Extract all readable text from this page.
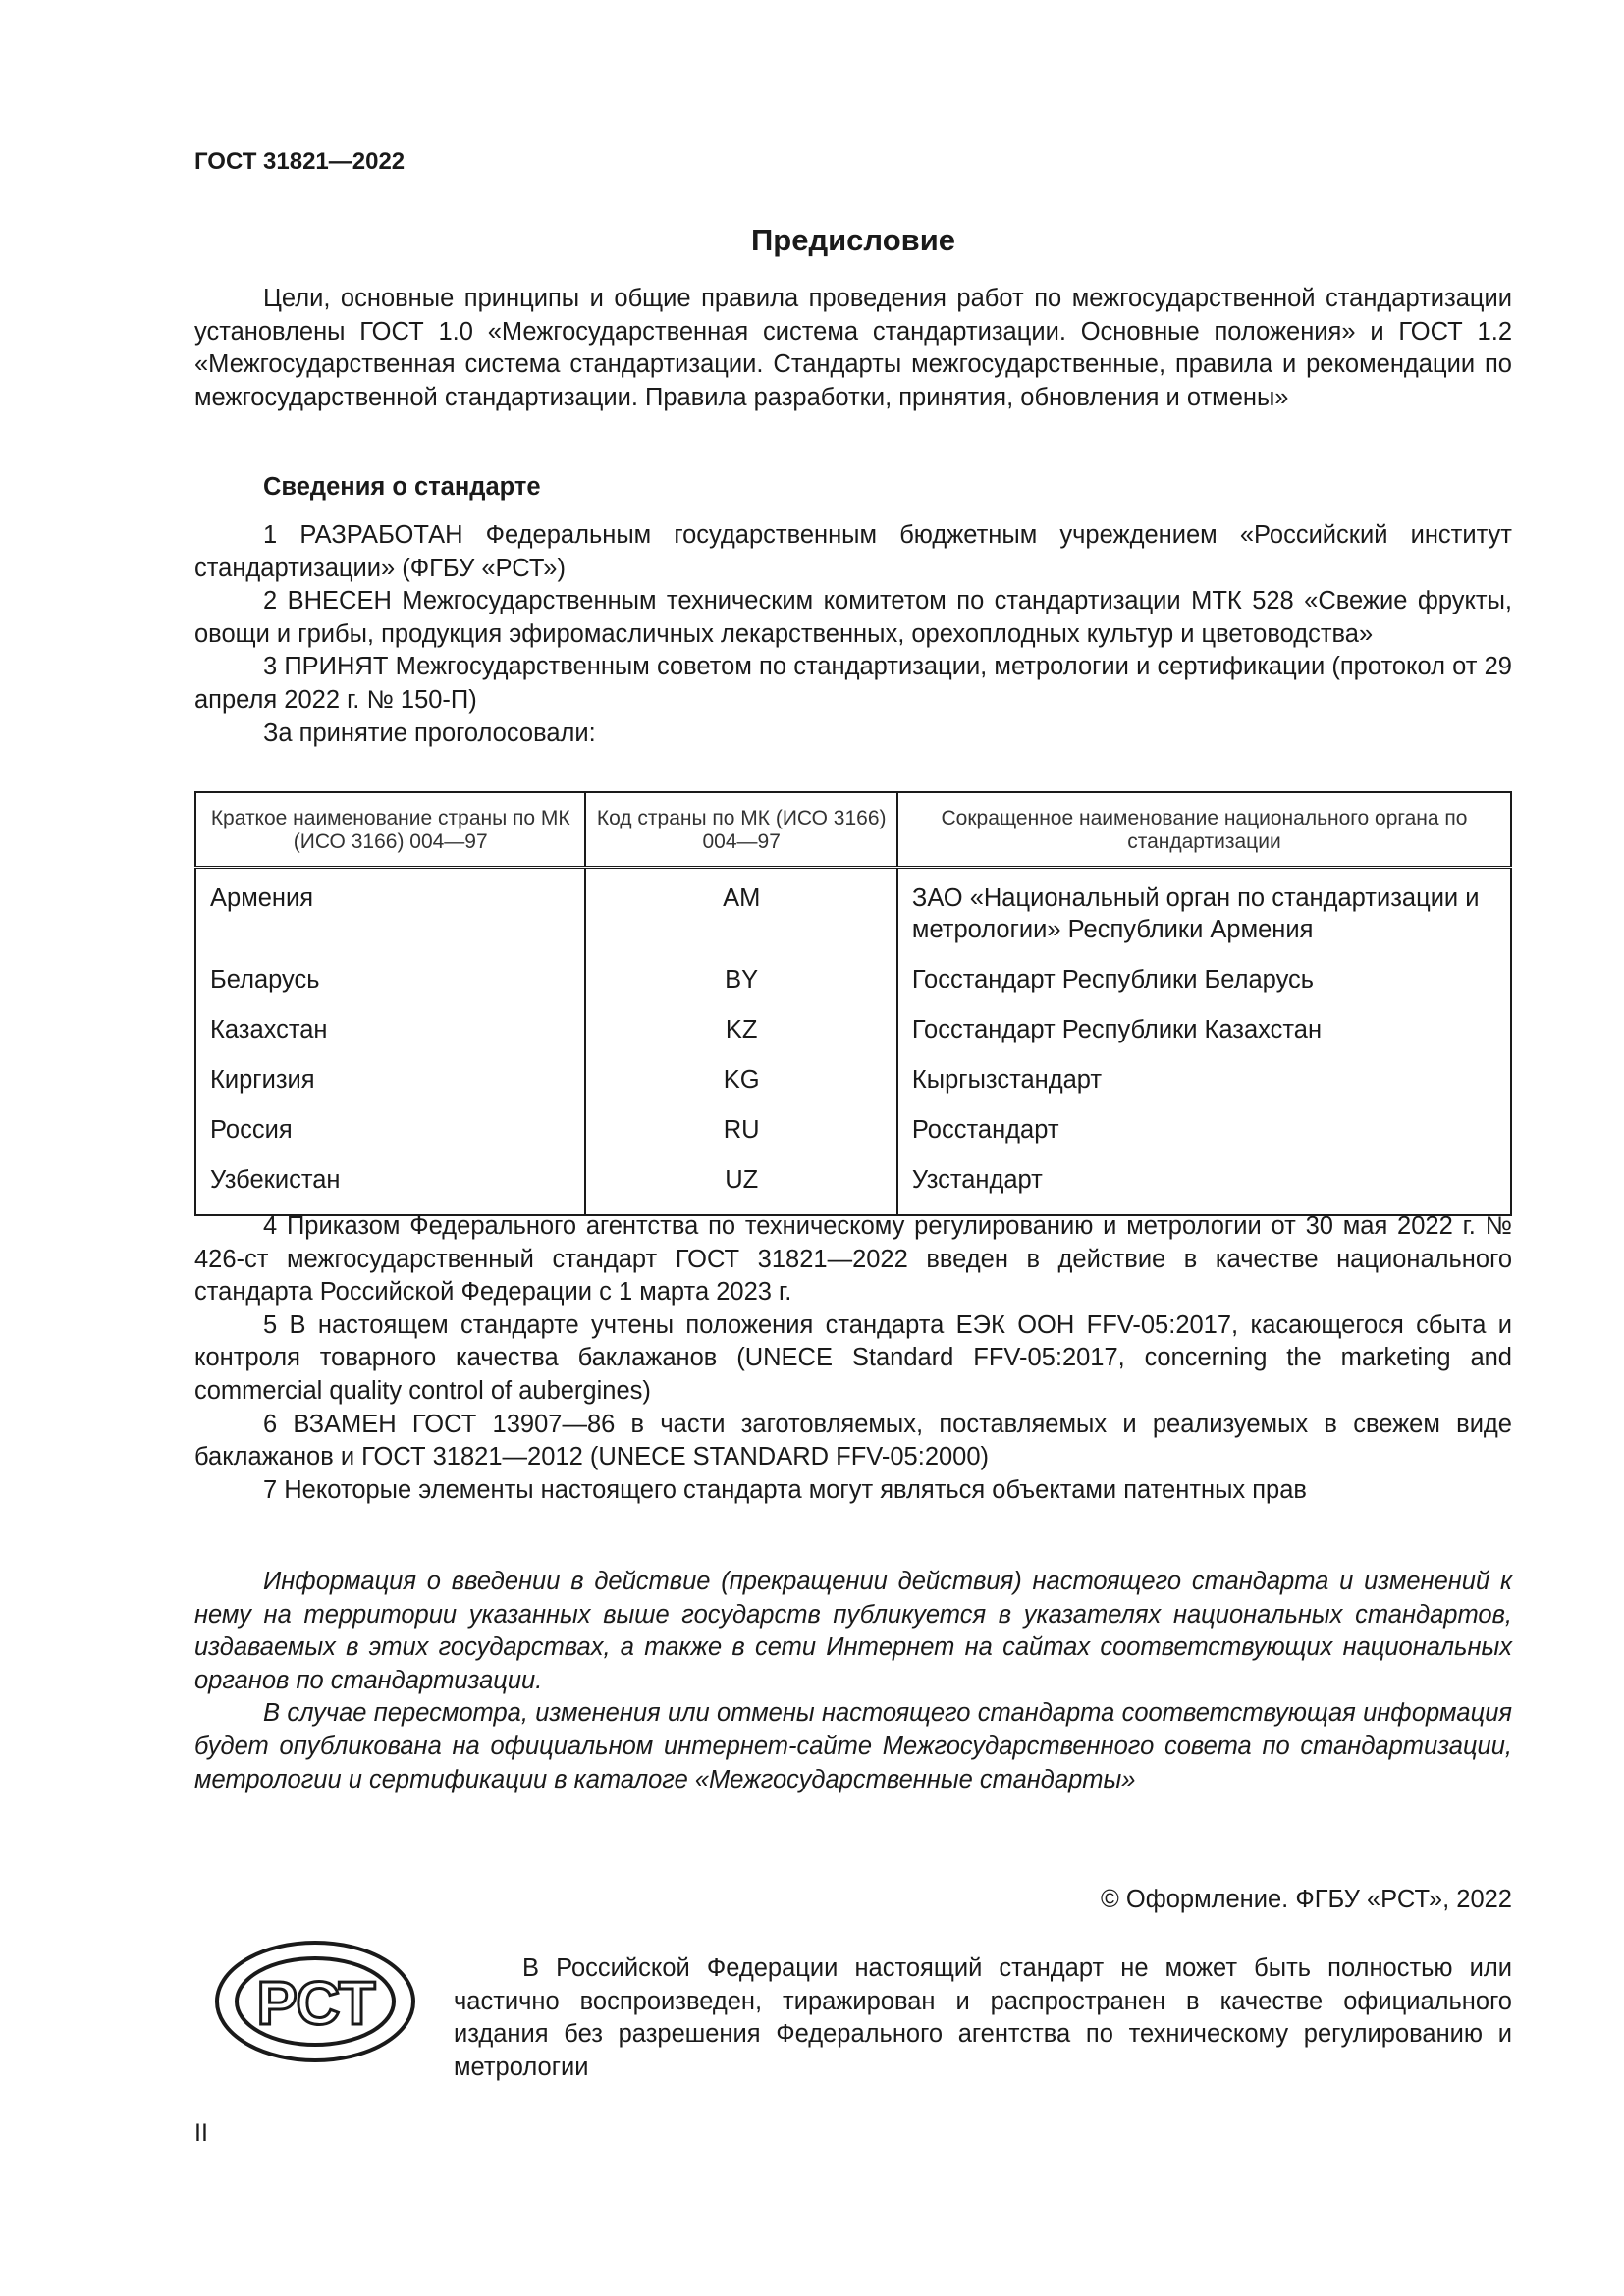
ГОСТ 31821—2022
Предисловие

Цели, основные принципы и общие правила проведения работ по межгосударственной стандартизации установлены ГОСТ 1.0 «Межгосударственная система стандартизации. Основные положения» и ГОСТ 1.2 «Межгосударственная система стандартизации. Стандарты межгосударственные, правила и рекомендации по межгосударственной стандартизации. Правила разработки, принятия, обновления и отмены»

Сведения о стандарте

1 РАЗРАБОТАН Федеральным государственным бюджетным учреждением «Российский институт стандартизации» (ФГБУ «РСТ»)

2 ВНЕСЕН Межгосударственным техническим комитетом по стандартизации МТК 528 «Свежие фрукты, овощи и грибы, продукция эфиромасличных лекарственных, орехоплодных культур и цветоводства»

3 ПРИНЯТ Межгосударственным советом по стандартизации, метрологии и сертификации (протокол от 29 апреля 2022 г. № 150-П)

За принятие проголосовали:

Краткое наименование страны по МК (ИСО 3166) 004—97	Код страны по МК (ИСО 3166) 004—97	Сокращенное наименование национального органа по стандартизации
Армения	AM	ЗАО «Национальный орган по стандартизации и метрологии» Республики Армения
Беларусь	BY	Госстандарт Республики Беларусь
Казахстан	KZ	Госстандарт Республики Казахстан
Киргизия	KG	Кыргызстандарт
Россия	RU	Росстандарт
Узбекистан	UZ	Узстандарт

4 Приказом Федерального агентства по техническому регулированию и метрологии от 30 мая 2022 г. № 426-ст межгосударственный стандарт ГОСТ 31821—2022 введен в действие в качестве национального стандарта Российской Федерации с 1 марта 2023 г.

5 В настоящем стандарте учтены положения стандарта ЕЭК ООН FFV-05:2017, касающегося сбыта и контроля товарного качества баклажанов (UNECE Standard FFV-05:2017, concerning the marketing and commercial quality control of aubergines)

6 ВЗАМЕН ГОСТ 13907—86 в части заготовляемых, поставляемых и реализуемых в свежем виде баклажанов и ГОСТ 31821—2012 (UNECE STANDARD FFV-05:2000)

7 Некоторые элементы настоящего стандарта могут являться объектами патентных прав

Информация о введении в действие (прекращении действия) настоящего стандарта и изменений к нему на территории указанных выше государств публикуется в указателях национальных стандартов, издаваемых в этих государствах, а также в сети Интернет на сайтах соответствующих национальных органов по стандартизации.

В случае пересмотра, изменения или отмены настоящего стандарта соответствующая информация будет опубликована на официальном интернет-сайте Межгосударственного совета по стандартизации, метрологии и сертификации в каталоге «Межгосударственные стандарты»

© Оформление. ФГБУ «РСТ», 2022
РСТ

В Российской Федерации настоящий стандарт не может быть полностью или частично воспроизведен, тиражирован и распространен в качестве официального издания без разрешения Федерального агентства по техническому регулированию и метрологии

II
